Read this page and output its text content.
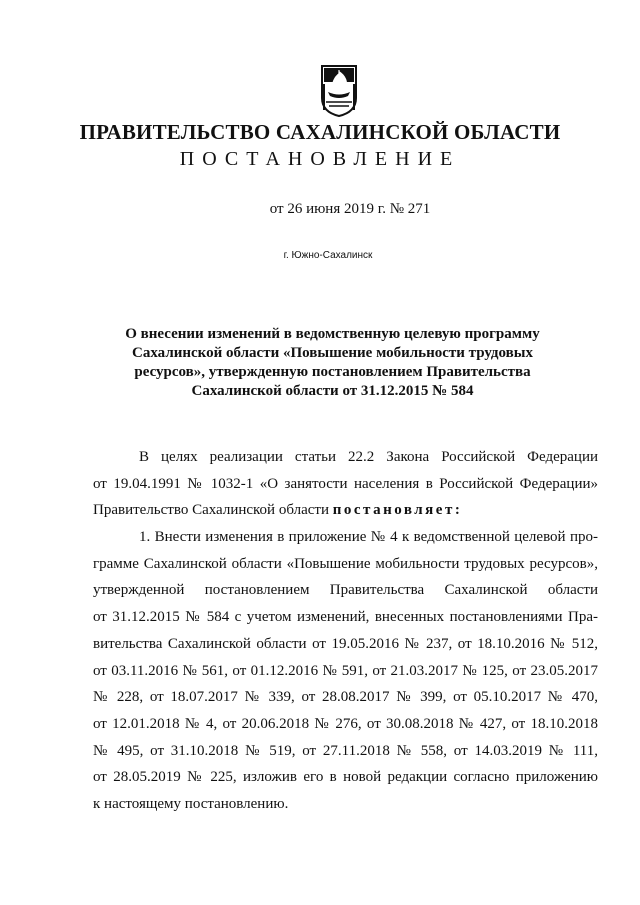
ПРАВИТЕЛЬСТВО САХАЛИНСКОЙ ОБЛАСТИ
ПОСТАНОВЛЕНИЕ
от 26 июня 2019 г. № 271
г. Южно-Сахалинск
О внесении изменений в ведомственную целевую программу
Сахалинской области «Повышение мобильности трудовых
ресурсов», утвержденную постановлением Правительства
Сахалинской области от 31.12.2015 № 584
В целях реализации статьи 22.2 Закона Российской Федерации
от 19.04.1991 № 1032-1 «О занятости населения в Российской Федерации»
Правительство Сахалинской области постановляет:
1. Внести изменения в приложение № 4 к ведомственной целевой про-
грамме Сахалинской области «Повышение мобильности трудовых ресурсов»,
утвержденной постановлением Правительства Сахалинской области
от 31.12.2015 № 584 с учетом изменений, внесенных постановлениями Пра-
вительства Сахалинской области от 19.05.2016 № 237, от 18.10.2016 № 512,
от 03.11.2016 № 561, от 01.12.2016 № 591, от 21.03.2017 № 125, от 23.05.2017
№ 228, от 18.07.2017 № 339, от 28.08.2017 № 399, от 05.10.2017 № 470,
от 12.01.2018 № 4, от 20.06.2018 № 276, от 30.08.2018 № 427, от 18.10.2018
№ 495, от 31.10.2018 № 519, от 27.11.2018 № 558, от 14.03.2019 № 111,
от 28.05.2019 № 225, изложив его в новой редакции согласно приложению
к настоящему постановлению.
